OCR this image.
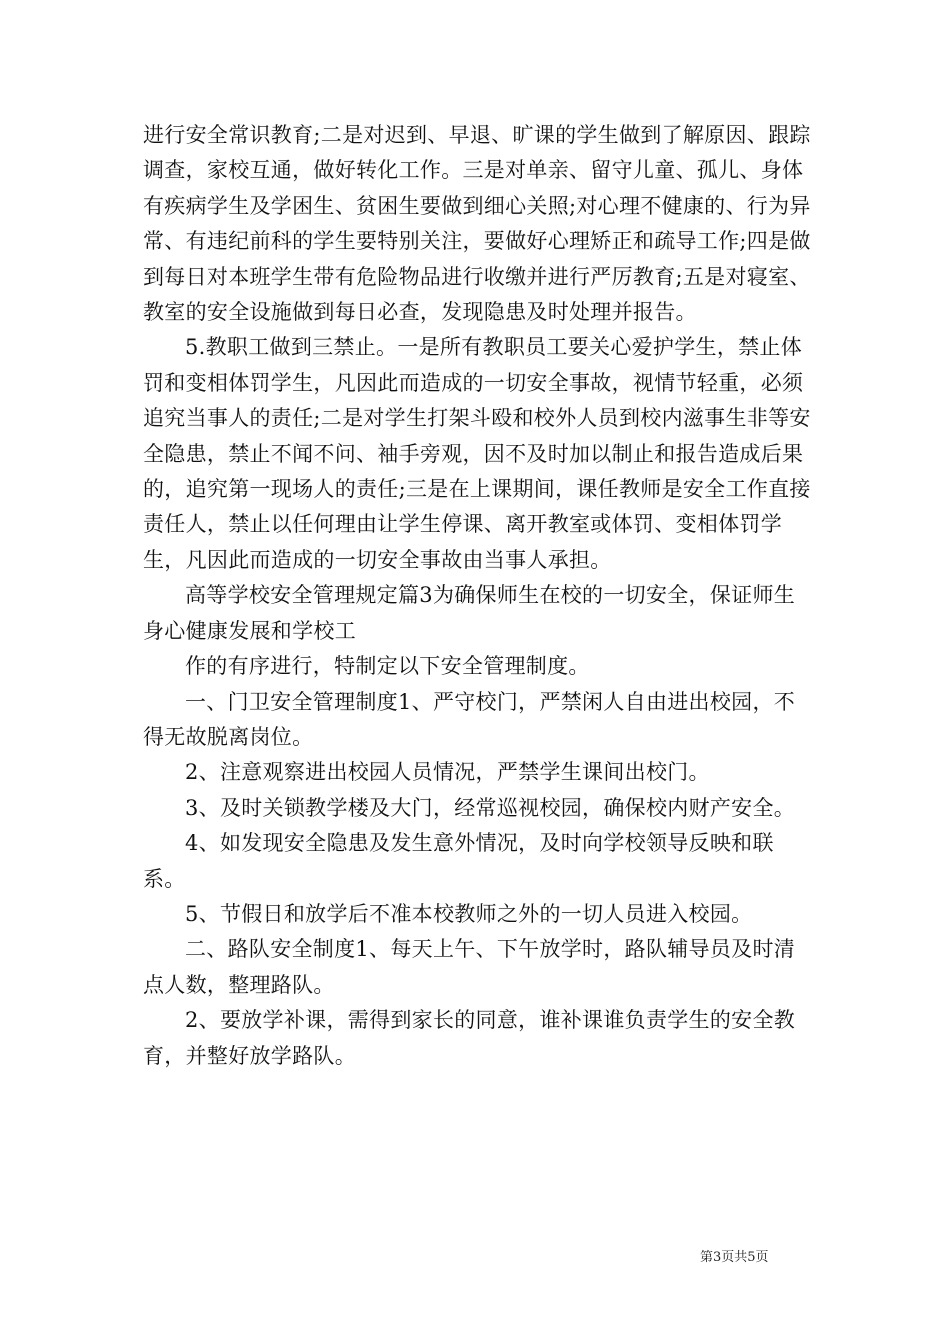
进行安全常识教育;二是对迟到、早退、旷课的学生做到了解原因、跟踪调查，家校互通，做好转化工作。三是对单亲、留守儿童、孤儿、身体有疾病学生及学困生、贫困生要做到细心关照;对心理不健康的、行为异常、有违纪前科的学生要特别关注，要做好心理矫正和疏导工作;四是做到每日对本班学生带有危险物品进行收缴并进行严厉教育;五是对寝室、教室的安全设施做到每日必查，发现隐患及时处理并报告。

5.教职工做到三禁止。一是所有教职员工要关心爱护学生，禁止体罚和变相体罚学生，凡因此而造成的一切安全事故，视情节轻重，必须追究当事人的责任;二是对学生打架斗殴和校外人员到校内滋事生非等安全隐患，禁止不闻不问、袖手旁观，因不及时加以制止和报告造成后果的，追究第一现场人的责任;三是在上课期间，课任教师是安全工作直接责任人，禁止以任何理由让学生停课、离开教室或体罚、变相体罚学生，凡因此而造成的一切安全事故由当事人承担。

高等学校安全管理规定篇3为确保师生在校的一切安全，保证师生身心健康发展和学校工

作的有序进行，特制定以下安全管理制度。

一、门卫安全管理制度1、严守校门，严禁闲人自由进出校园，不得无故脱离岗位。

2、注意观察进出校园人员情况，严禁学生课间出校门。

3、及时关锁教学楼及大门，经常巡视校园，确保校内财产安全。

4、如发现安全隐患及发生意外情况，及时向学校领导反映和联系。

5、节假日和放学后不准本校教师之外的一切人员进入校园。

二、路队安全制度1、每天上午、下午放学时，路队辅导员及时清点人数，整理路队。

2、要放学补课，需得到家长的同意，谁补课谁负责学生的安全教育，并整好放学路队。

第3页共5页
